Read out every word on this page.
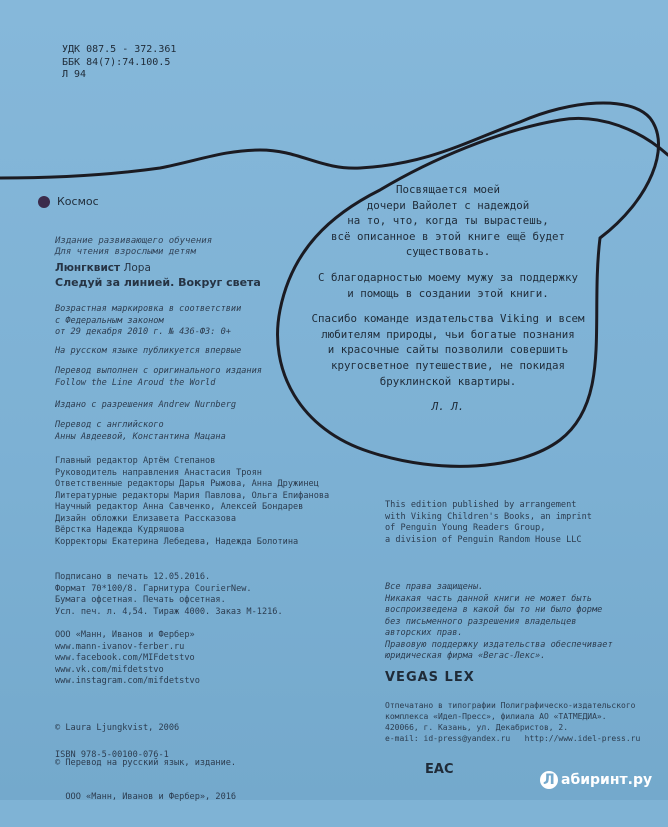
УДК 087.5 - 372.361
ББК 84(7):74.100.5
Л 94
Космос
Издание развивающего обучения
Для чтения взрослыми детям
Люнгквист Лора
Следуй за линией. Вокруг света
Возрастная маркировка в соответствии
с Федеральным законом
от 29 декабря 2010 г. № 436-ФЗ: 0+
На русском языке публикуется впервые
Перевод выполнен с оригинального издания
Follow the Line Aroud the World
Издано с разрешения Andrew Nurnberg
Перевод с английского
Анны Авдеевой, Константина Мацана
Главный редактор Артём Степанов
Руководитель направления Анастасия Троян
Ответственные редакторы Дарья Рыжова, Анна Дружинец
Литературные редакторы Мария Павлова, Ольга Епифанова
Научный редактор Анна Савченко, Алексей Бондарев
Дизайн обложки Елизавета Рассказова
Вёрстка Надежда Кудряшова
Корректоры Екатерина Лебедева, Надежда Болотина
Подписано в печать 12.05.2016.
Формат 70*100/8. Гарнитура CourierNew.
Бумага офсетная. Печать офсетная.
Усл. печ. л. 4,54. Тираж 4000. Заказ М-1216.
ООО «Манн, Иванов и Фербер»
www.mann-ivanov-ferber.ru
www.facebook.com/MIFdetstvo
www.vk.com/mifdetstvo
www.instagram.com/mifdetstvo

© Laura Ljungkvist, 2006

© Перевод на русский язык, издание.

ООО «Манн, Иванов и Фербер», 2016

ISBN 978-5-00100-076-1

Посвящается моей
дочери Вайолет с надеждой
на то, что, когда ты вырастешь,
всё описанное в этой книге ещё будет
существовать.

С благодарностью моему мужу за поддержку
и помощь в создании этой книги.

Спасибо команде издательства Viking и всем
любителям природы, чьи богатые познания
и красочные сайты позволили совершить
кругосветное путешествие, не покидая
бруклинской квартиры.

Л. Л.
This edition published by arrangement
with Viking Children's Books, an imprint
of Penguin Young Readers Group,
a division of Penguin Random House LLC
Все права защищены.
Никакая часть данной книги не может быть
воспроизведена в какой бы то ни было форме
без письменного разрешения владельцев
авторских прав.
Правовую поддержку издательства обеспечивает
юридическая фирма «Вегас-Лекс».
VEGAS LEX
Отпечатано в типографии Полиграфическо-издательского
комплекса «Идел-Пресс», филиала АО «ТАТМЕДИА».
420066, г. Казань, ул. Декабристов, 2.
e-mail: id-press@yandex.ru   http://www.idel-press.ru
ЕАС
Л абиринт.ру
